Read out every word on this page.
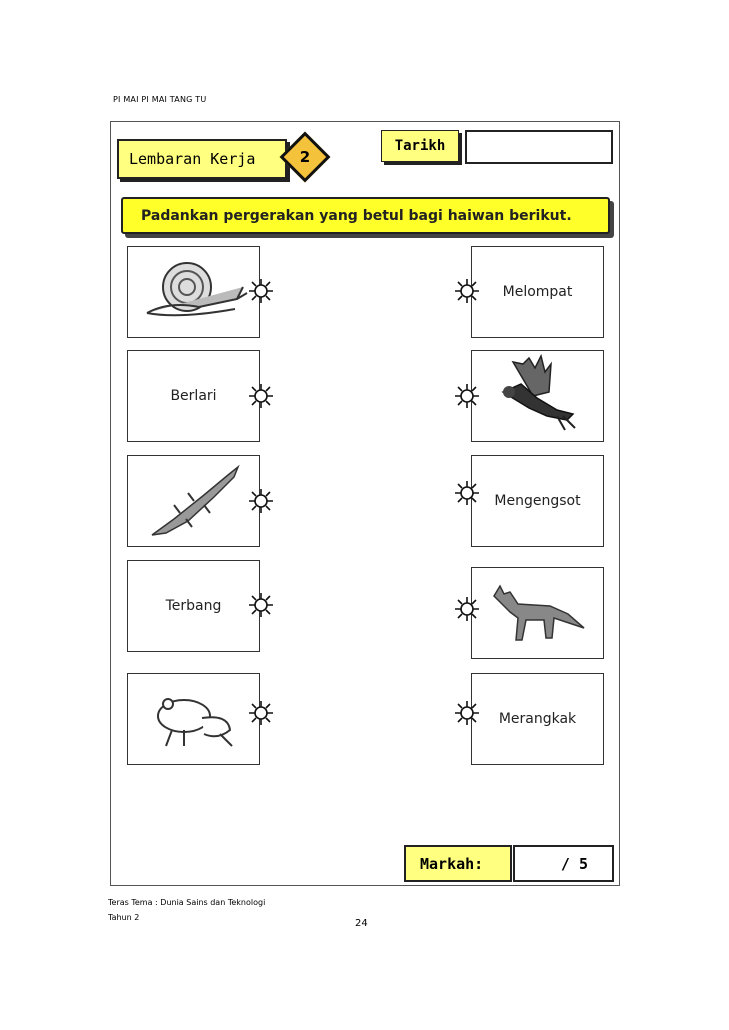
PI MAI PI MAI TANG TU
Lembaran Kerja	2
Tarikh
Padankan pergerakan yang betul bagi haiwan berikut.
Melompat
Berlari
Mengengsot
Terbang
Merangkak
Markah:	/ 5
Teras Tema : Dunia Sains dan Teknologi
Tahun 2
24
